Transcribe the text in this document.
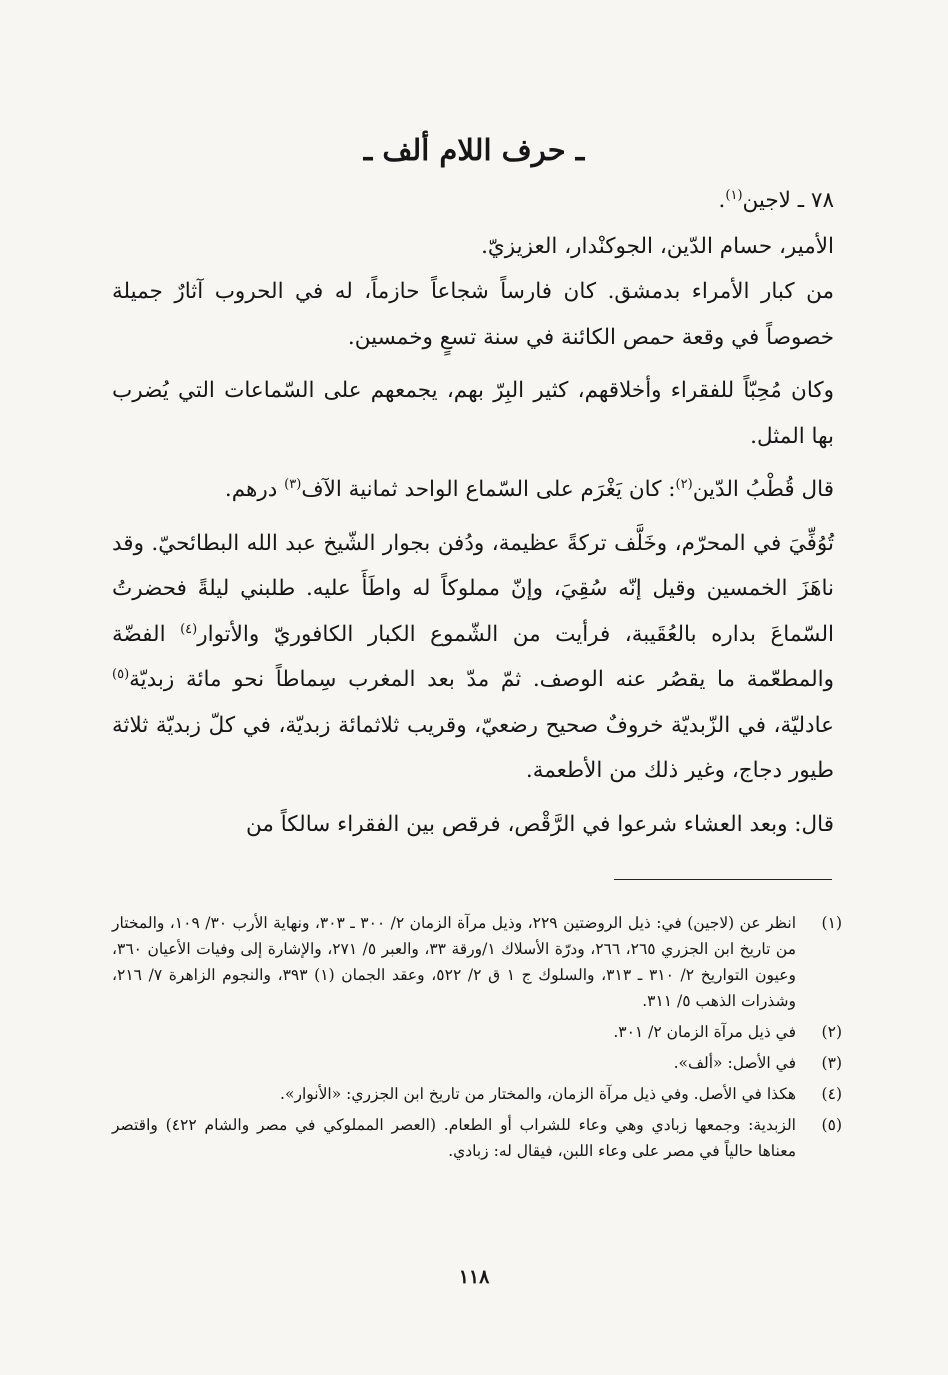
ـ حرف اللام ألف ـ

٧٨ ـ لاجين$^{(١)}$.

الأمير، حسام الدّين، الجوكنْدار، العزيزيّ.

من كبار الأمراء بدمشق. كان فارساً شجاعاً حازماً، له في الحروب آثارٌ جميلة خصوصاً في وقعة حمص الكائنة في سنة تسعٍ وخمسين.

وكان مُحِبّاً للفقراء وأخلاقهم، كثير البِرّ بهم، يجمعهم على السّماعات التي يُضرب بها المثل.

قال قُطْبُ الدّين$^{(٢)}$: كان يَغْرَم على السّماع الواحد ثمانية الآف$^{(٣)}$ درهم.

تُوُفِّيَ في المحرّم، وخَلَّف تركةً عظيمة، ودُفن بجوار الشّيخ عبد الله البطائحيّ. وقد ناهَزَ الخمسين وقيل إنّه سُقِيَ، وإنّ مملوكاً له واطَأَ عليه. طلبني ليلةً فحضرتُ السّماعَ بداره بالعُقَيبة، فرأيت من الشّموع الكبار الكافوريّ والأتوار$^{(٤)}$ الفضّة والمطعّمة ما يقصُر عنه الوصف. ثمّ مدّ بعد المغرب سِماطاً نحو مائة زبديّة$^{(٥)}$ عادليّة، في الزّبديّة خروفٌ صحيح رضعيّ، وقريب ثلاثمائة زبديّة، في كلّ زبديّة ثلاثة طيور دجاج، وغير ذلك من الأطعمة.

قال: وبعد العشاء شرعوا في الرَّقْص، فرقص بين الفقراء سالكاً من

(١)
انظر عن (لاجين) في: ذيل الروضتين ٢٢٩، وذيل مرآة الزمان ٢/ ٣٠٠ ـ ٣٠٣، ونهاية الأرب ٣٠/ ١٠٩، والمختار من تاريخ ابن الجزري ٢٦٥، ٢٦٦، ودرّة الأسلاك ١/ورقة ٣٣، والعبر ٥/ ٢٧١، والإشارة إلى وفيات الأعيان ٣٦٠، وعيون التواريخ ٢/ ٣١٠ ـ ٣١٣، والسلوك ج ١ ق ٢/ ٥٢٢، وعقد الجمان (١) ٣٩٣، والنجوم الزاهرة ٧/ ٢١٦، وشذرات الذهب ٥/ ٣١١.
(٢)
في ذيل مرآة الزمان ٢/ ٣٠١.
(٣)
في الأصل: «ألف».
(٤)
هكذا في الأصل. وفي ذيل مرآة الزمان، والمختار من تاريخ ابن الجزري: «الأنوار».
(٥)
الزبدية: وجمعها زبادي وهي وعاء للشراب أو الطعام. (العصر المملوكي في مصر والشام ٤٢٢) واقتصر معناها حالياً في مصر على وعاء اللبن، فيقال له: زبادي.
١١٨
